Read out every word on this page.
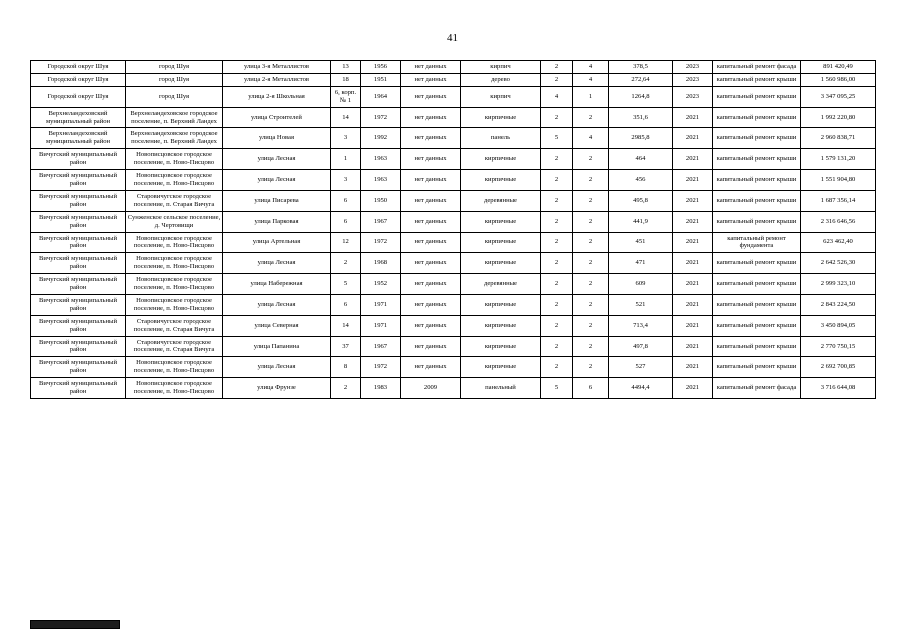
41
Городской округ Шуя	город Шуя	улица 3-я Металлистов	13	1956	нет данных	кирпич	2	4	378,5	2023	капитальный ремонт фасада	891 420,49
Городской округ Шуя	город Шуя	улица 2-я Металлистов	18	1951	нет данных	дерево	2	4	272,64	2023	капитальный ремонт крыши	1 560 986,00
Городской округ Шуя	город Шуя	улица 2-я Школьная	6, корп. № 1	1964	нет данных	кирпич	4	1	1264,8	2023	капитальный ремонт крыши	3 347 095,25
Верхнеландеховский муниципальный район	Верхнеландеховское городское поселение, п. Верхний Ландех	улица Строителей	14	1972	нет данных	кирпичные	2	2	351,6	2021	капитальный ремонт крыши	1 992 220,80
Верхнеландеховский муниципальный район	Верхнеландеховское городское поселение, п. Верхний Ландех	улица Новая	3	1992	нет данных	панель	5	4	2985,8	2021	капитальный ремонт крыши	2 960 838,71
Вичугский муниципальный район	Новописцовское городское поселение, п. Ново-Писцово	улица Лесная	1	1963	нет данных	кирпичные	2	2	464	2021	капитальный ремонт крыши	1 579 131,20
Вичугский муниципальный район	Новописцовское городское поселение, п. Ново-Писцово	улица Лесная	3	1963	нет данных	кирпичные	2	2	456	2021	капитальный ремонт крыши	1 551 904,80
Вичугский муниципальный район	Старовичугское городское поселение, п. Старая Вичуга	улица Писарева	6	1950	нет данных	деревянные	2	2	495,8	2021	капитальный ремонт крыши	1 687 356,14
Вичугский муниципальный район	Сунженское сельское поселение, д. Чертовищи	улица Парковая	6	1967	нет данных	кирпичные	2	2	441,9	2021	капитальный ремонт крыши	2 316 646,56
Вичугский муниципальный район	Новописцовское городское поселение, п. Ново-Писцово	улица Артельная	12	1972	нет данных	кирпичные	2	2	451	2021	капитальный ремонт фундамента	623 462,40
Вичугский муниципальный район	Новописцовское городское поселение, п. Ново-Писцово	улица Лесная	2	1968	нет данных	кирпичные	2	2	471	2021	капитальный ремонт крыши	2 642 526,30
Вичугский муниципальный район	Новописцовское городское поселение, п. Ново-Писцово	улица Набережная	5	1952	нет данных	деревянные	2	2	609	2021	капитальный ремонт крыши	2 999 323,10
Вичугский муниципальный район	Новописцовское городское поселение, п. Ново-Писцово	улица Лесная	6	1971	нет данных	кирпичные	2	2	521	2021	капитальный ремонт крыши	2 843 224,50
Вичугский муниципальный район	Старовичугское городское поселение, п. Старая Вичуга	улица Северная	14	1971	нет данных	кирпичные	2	2	713,4	2021	капитальный ремонт крыши	3 450 894,05
Вичугский муниципальный район	Старовичугское городское поселение, п. Старая Вичуга	улица Папанина	37	1967	нет данных	кирпичные	2	2	497,8	2021	капитальный ремонт крыши	2 770 750,15
Вичугский муниципальный район	Новописцовское городское поселение, п. Ново-Писцово	улица Лесная	8	1972	нет данных	кирпичные	2	2	527	2021	капитальный ремонт крыши	2 692 700,85
Вичугский муниципальный район	Новописцовское городское поселение, п. Ново-Писцово	улица Фрунзе	2	1983	2009	панельный	5	6	4494,4	2021	капитальный ремонт фасада	3 716 644,08
